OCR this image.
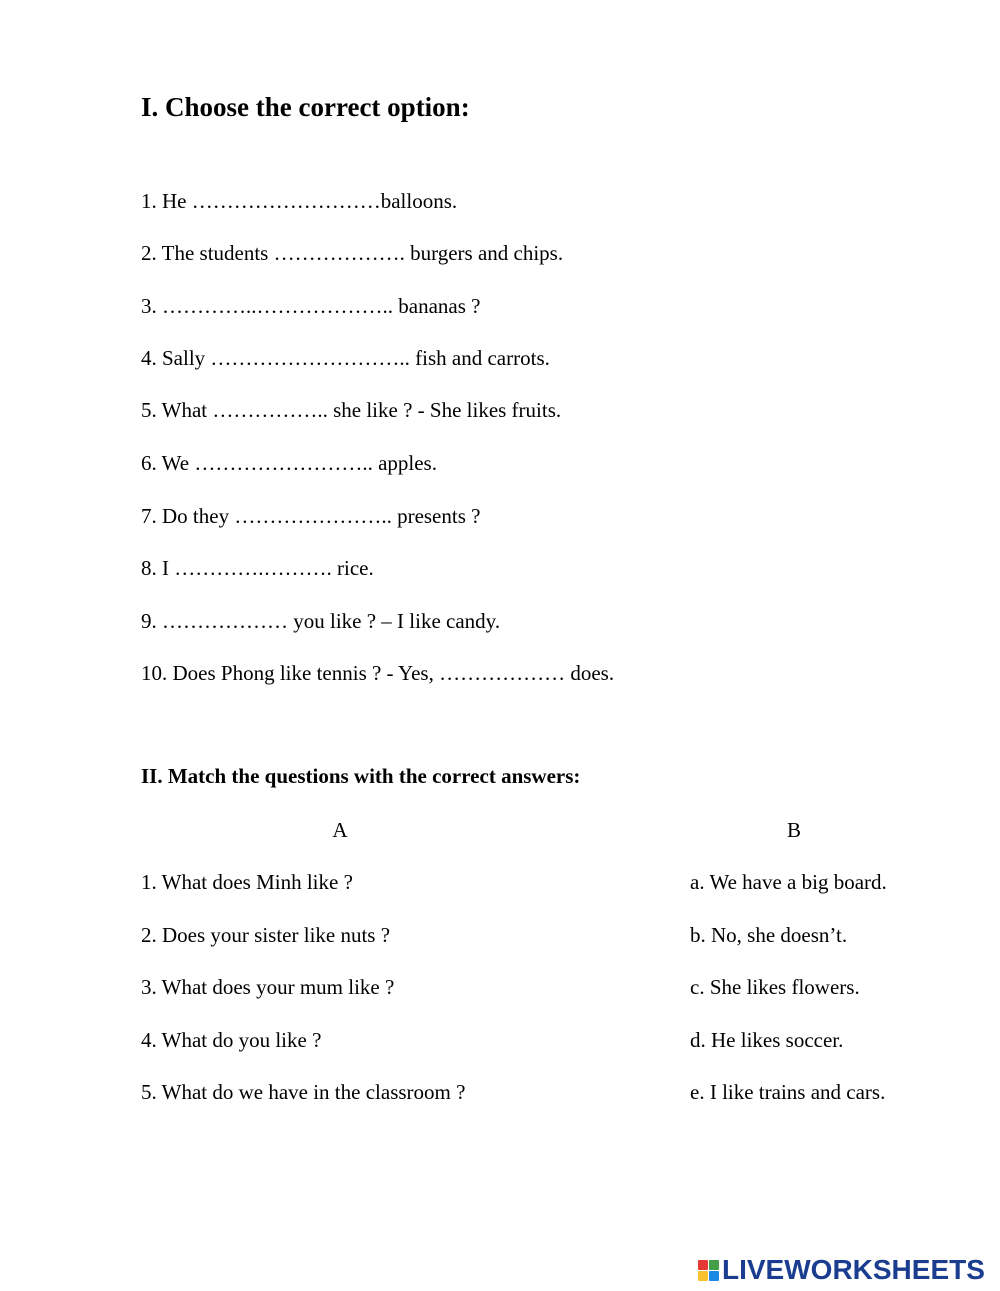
I. Choose the correct option:
1. He ………………………balloons.
2. The students ………………. burgers and chips.
3. …………..……………….. bananas ?
4. Sally ……………………….. fish and carrots.
5. What …………….. she like ? - She likes fruits.
6. We …………………….. apples.
7. Do they ………………….. presents ?
8. I ………….………. rice.
9. ……………… you like ? – I like candy.
10. Does Phong like tennis ? - Yes, ……………… does.
II. Match the questions with the correct answers:
A	B
1. What does Minh like ?
2. Does your sister like nuts ?
3. What does your mum like ?
4. What do you like ?
5. What do we have in the classroom ?
a. We have a big board.
b. No, she doesn’t.
c. She likes flowers.
d. He likes soccer.
e. I like trains and cars.
LIVEWORKSHEETS
